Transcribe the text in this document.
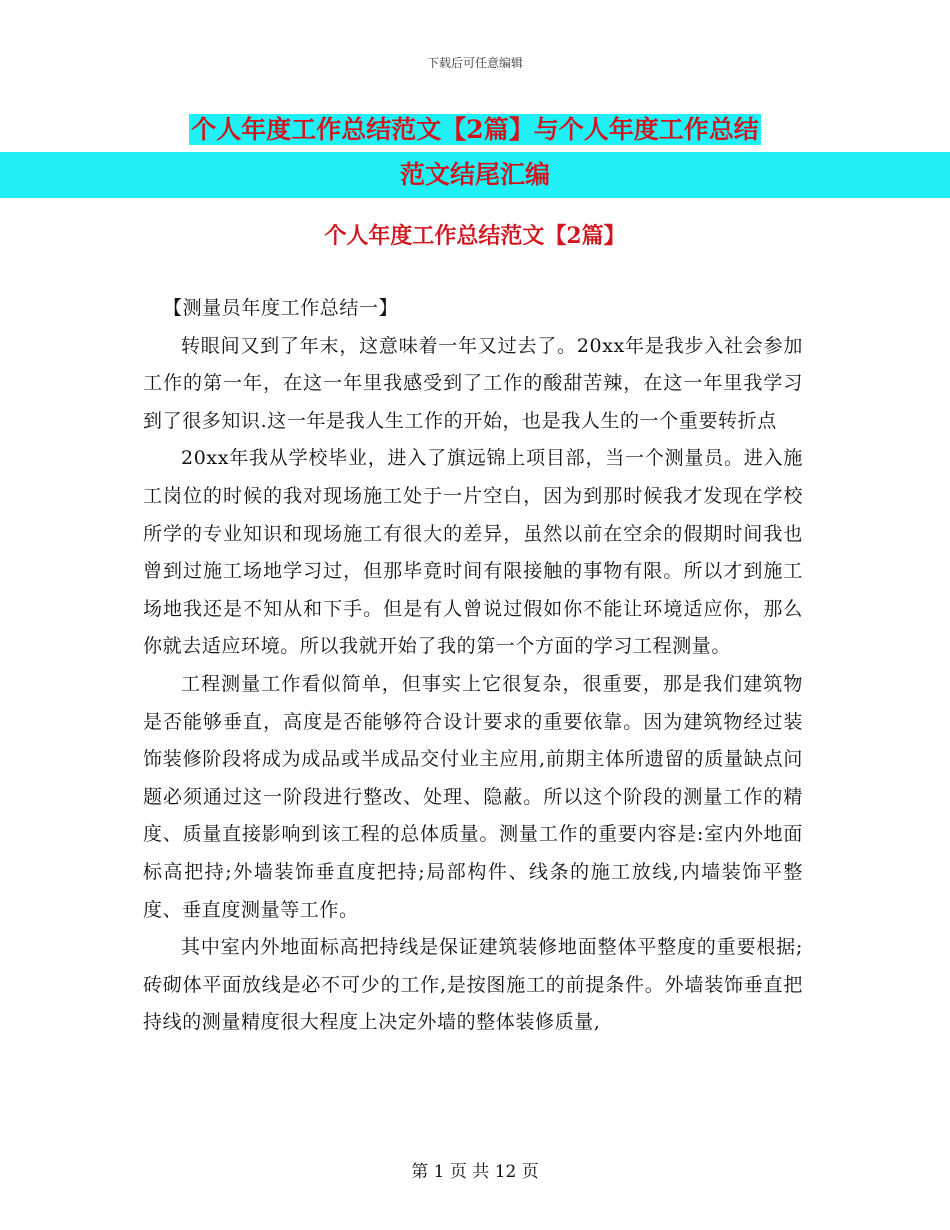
下载后可任意编辑
个人年度工作总结范文【2篇】与个人年度工作总结
范文结尾汇编
个人年度工作总结范文【2篇】

【测量员年度工作总结一】

转眼间又到了年末，这意味着一年又过去了。20xx年是我步入社会参加工作的第一年，在这一年里我感受到了工作的酸甜苦辣，在这一年里我学习到了很多知识.这一年是我人生工作的开始，也是我人生的一个重要转折点

20xx年我从学校毕业，进入了旗远锦上项目部，当一个测量员。进入施工岗位的时候的我对现场施工处于一片空白，因为到那时候我才发现在学校所学的专业知识和现场施工有很大的差异，虽然以前在空余的假期时间我也曾到过施工场地学习过，但那毕竟时间有限接触的事物有限。所以才到施工场地我还是不知从和下手。但是有人曾说过假如你不能让环境适应你，那么你就去适应环境。所以我就开始了我的第一个方面的学习工程测量。

工程测量工作看似简单，但事实上它很复杂，很重要，那是我们建筑物是否能够垂直，高度是否能够符合设计要求的重要依靠。因为建筑物经过装饰装修阶段将成为成品或半成品交付业主应用,前期主体所遗留的质量缺点问题必须通过这一阶段进行整改、处理、隐蔽。所以这个阶段的测量工作的精度、质量直接影响到该工程的总体质量。测量工作的重要内容是:室内外地面标高把持;外墙装饰垂直度把持;局部构件、线条的施工放线,内墙装饰平整度、垂直度测量等工作。

其中室内外地面标高把持线是保证建筑装修地面整体平整度的重要根据;砖砌体平面放线是必不可少的工作,是按图施工的前提条件。外墙装饰垂直把持线的测量精度很大程度上决定外墙的整体装修质量,

第 1 页 共 12 页
